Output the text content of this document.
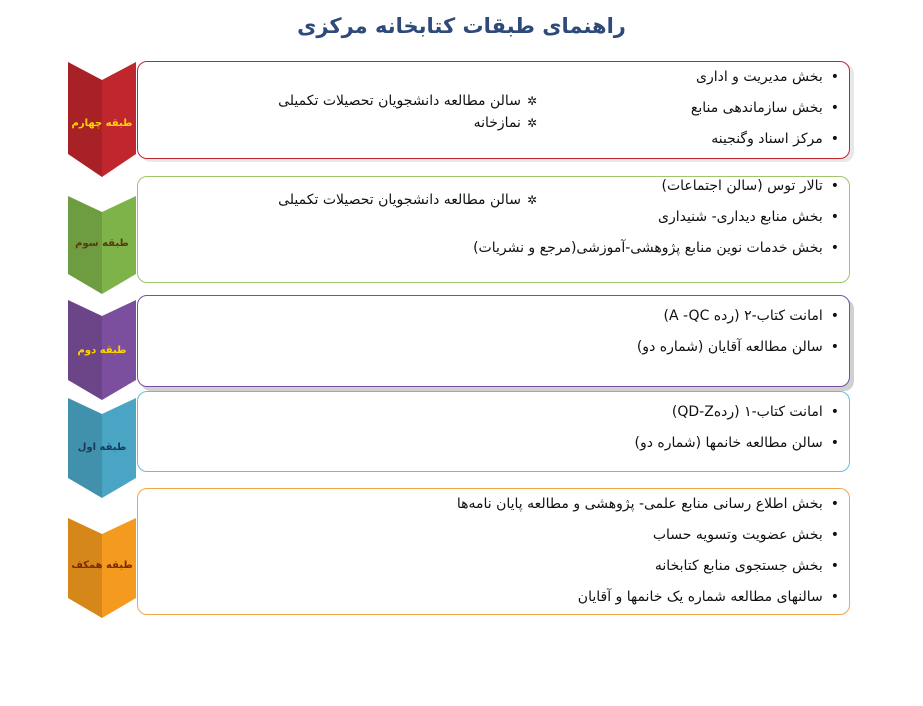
راهنمای طبقات کتابخانه مرکزی
طبقه چهارم
• بخش مدیریت و اداری
• بخش سازماندهی منابع
• مرکز اسناد وگنجینه
✲سالن مطالعه دانشجویان تحصیلات تکمیلی
✲نمازخانه
طبقه سوم
• تالار توس (سالن اجتماعات)
• بخش منابع دیداری- شنیداری
• بخش خدمات نوین منابع پژوهشی-آموزشی(مرجع و نشریات)
✲سالن مطالعه دانشجویان تحصیلات تکمیلی
طبقه دوم
• امانت کتاب-۲ (رده A -QC)
• سالن مطالعه آقایان (شماره دو)
طبقه اول
• امانت کتاب-۱ (ردهQD-Z)
• سالن مطالعه خانمها (شماره دو)
طبقه همکف
• بخش اطلاع رسانی منابع علمی- پژوهشی و مطالعه پایان نامه‌ها
• بخش عضویت وتسویه حساب
• بخش جستجوی منابع کتابخانه
• سالنهای مطالعه شماره یک خانمها و آقایان
